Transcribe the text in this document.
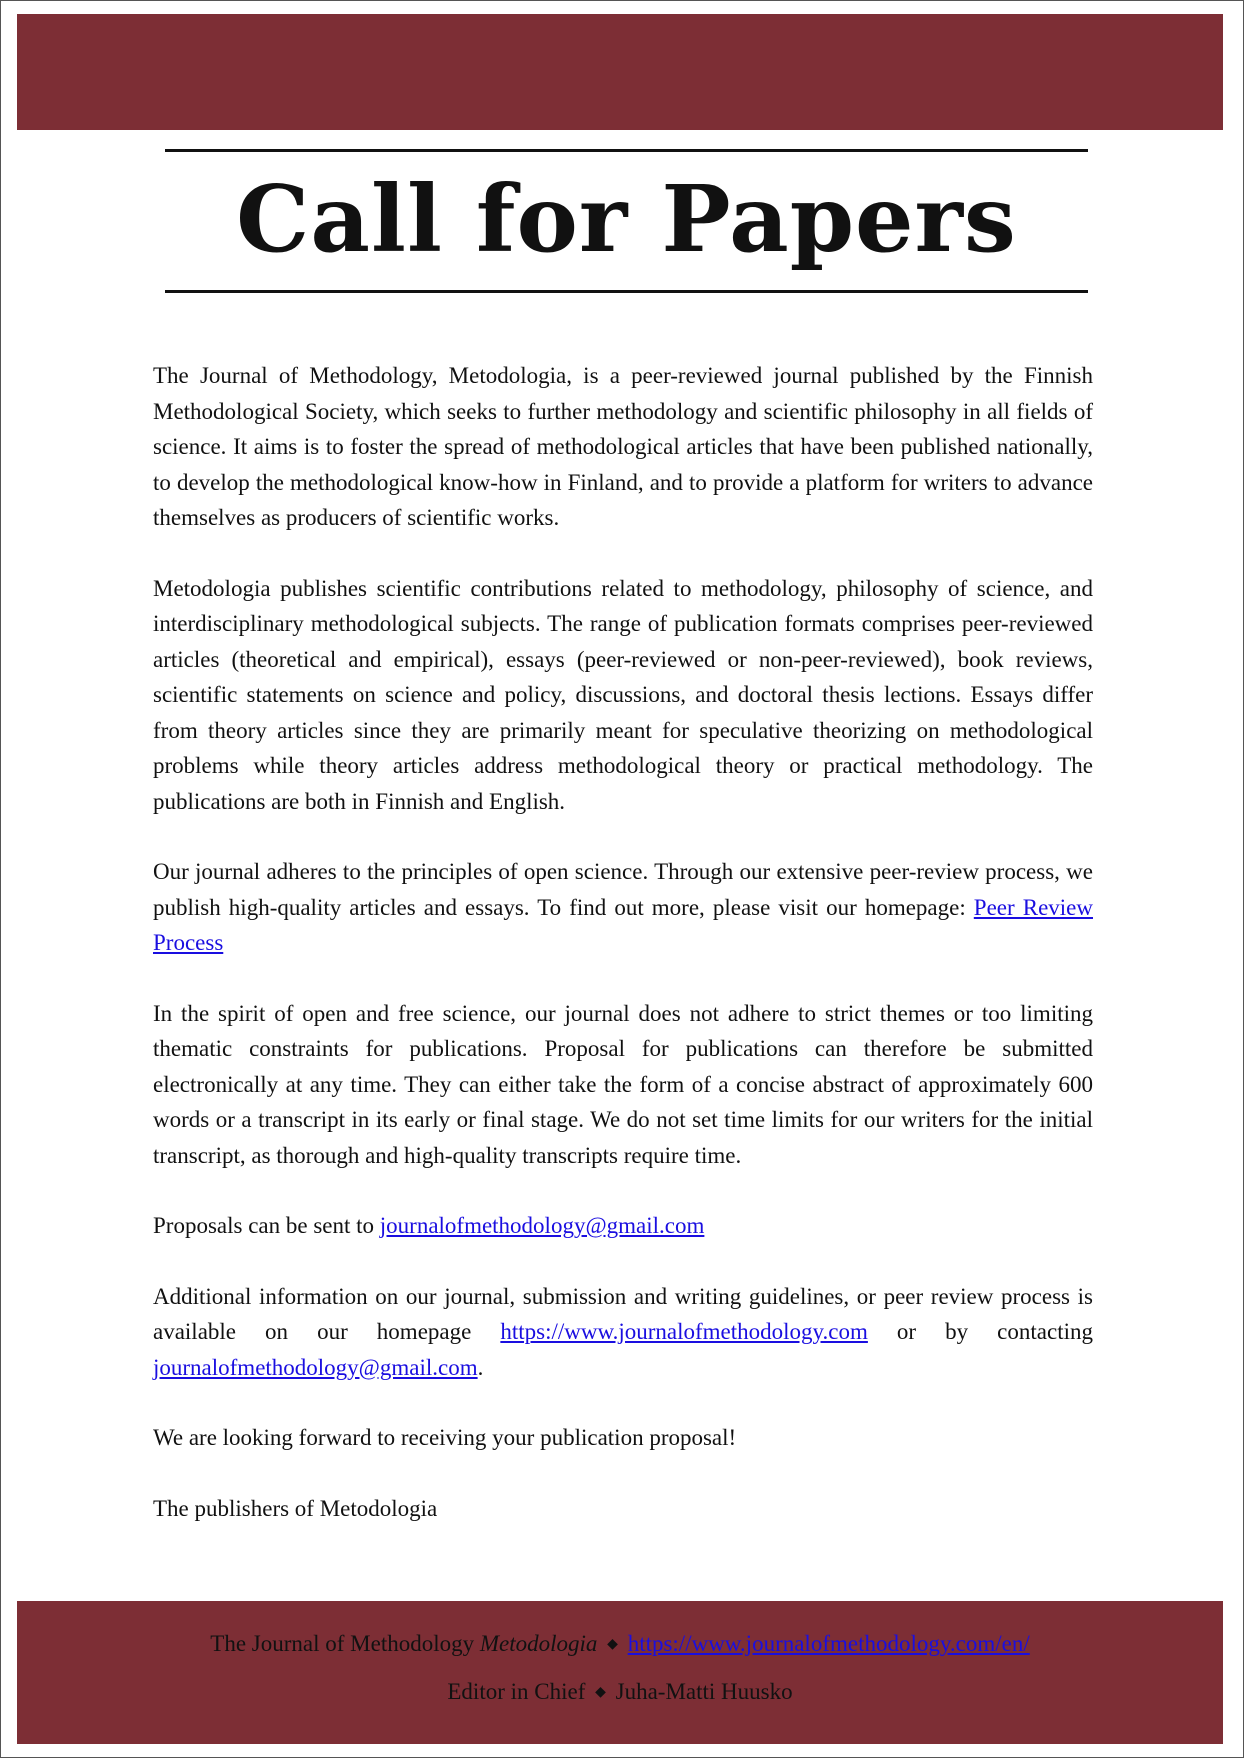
Call for Papers

The Journal of Methodology, Metodologia, is a peer-reviewed journal published by the Finnish Methodological Society, which seeks to further methodology and scientific philosophy in all fields of science. It aims is to foster the spread of methodological articles that have been published nationally, to develop the methodological know-how in Finland, and to provide a platform for writers to advance themselves as producers of scientific works.

Metodologia publishes scientific contributions related to methodology, philosophy of science, and interdisciplinary methodological subjects. The range of publication formats comprises peer-reviewed articles (theoretical and empirical), essays (peer-reviewed or non-peer-reviewed), book reviews, scientific statements on science and policy, discussions, and doctoral thesis lections. Essays differ from theory articles since they are primarily meant for speculative theorizing on methodological problems while theory articles address methodological theory or practical methodology. The publications are both in Finnish and English.

Our journal adheres to the principles of open science. Through our extensive peer-review process, we publish high-quality articles and essays. To find out more, please visit our homepage: Peer Review Process

In the spirit of open and free science, our journal does not adhere to strict themes or too limiting thematic constraints for publications. Proposal for publications can therefore be submitted electronically at any time. They can either take the form of a concise abstract of approximately 600 words or a transcript in its early or final stage. We do not set time limits for our writers for the initial transcript, as thorough and high-quality transcripts require time.

Proposals can be sent to journalofmethodology@gmail.com

Additional information on our journal, submission and writing guidelines, or peer review process is available on our homepage https://www.journalofmethodology.com or by contacting journalofmethodology@gmail.com.

We are looking forward to receiving your publication proposal!

The publishers of Metodologia

The Journal of Methodology Metodologia ◆ https://www.journalofmethodology.com/en/
Editor in Chief ◆ Juha-Matti Huusko
